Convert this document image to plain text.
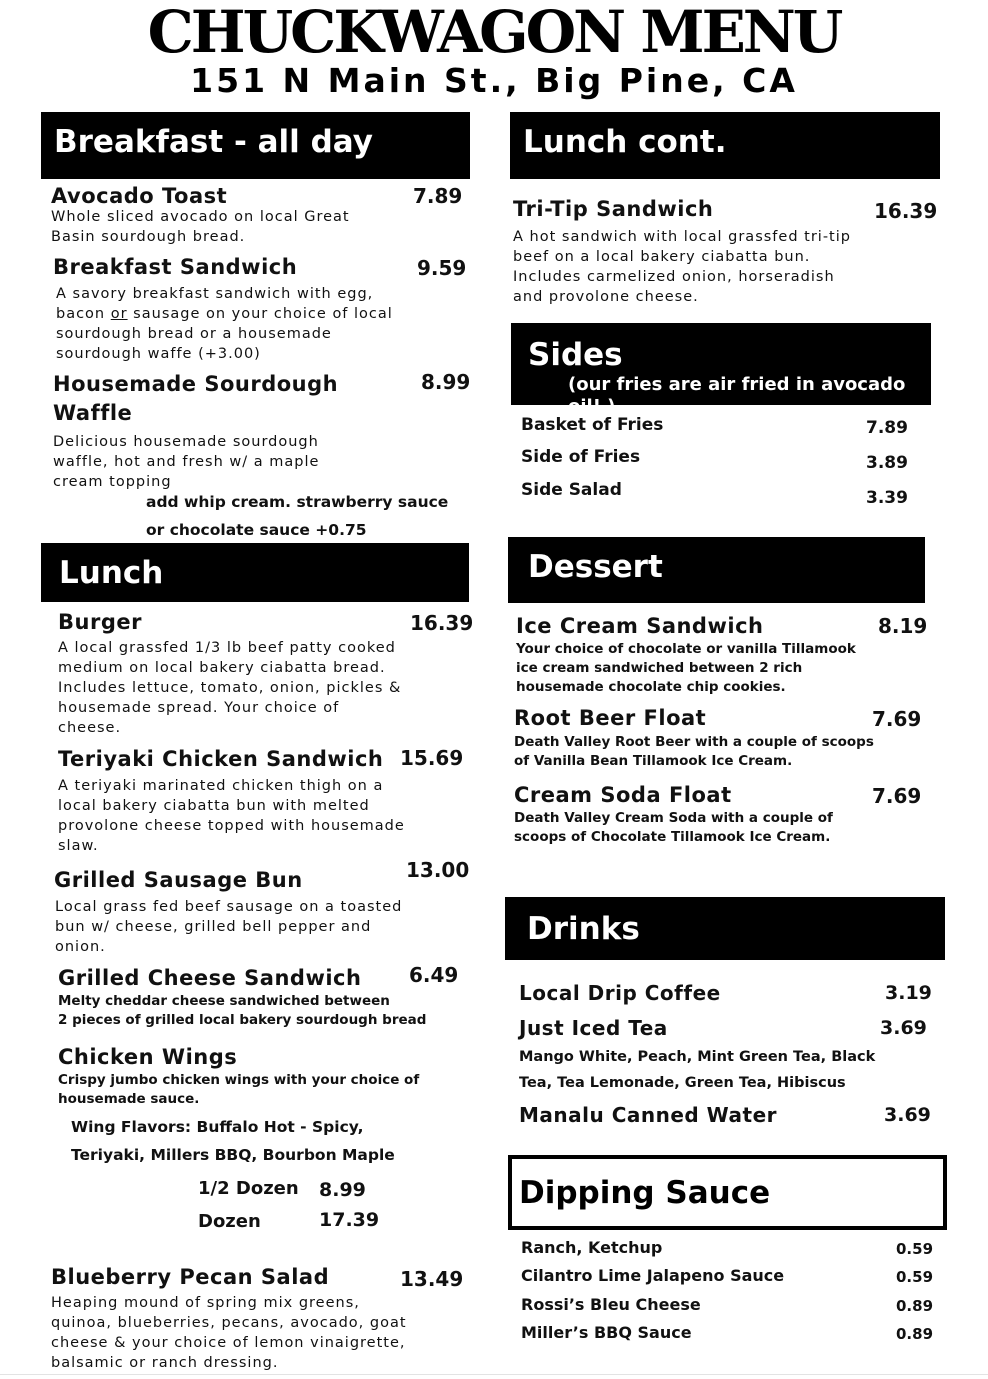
CHUCKWAGON MENU
151 N Main St., Big Pine, CA
Breakfast - all day
Avocado Toast	7.89
Whole sliced avocado on local Great
Basin sourdough bread.
Breakfast Sandwich	9.59
A savory breakfast sandwich with egg,
bacon or sausage on your choice of local
sourdough bread or a housemade
sourdough waffe (+3.00)
Housemade Sourdough
Waffle
8.99
Delicious housemade sourdough
waffle, hot and fresh w/ a maple
cream topping
add whip cream. strawberry sauce
or chocolate sauce +0.75
Lunch
Burger	16.39
A local grassfed 1/3 lb beef patty cooked
medium on local bakery ciabatta bread.
Includes lettuce, tomato, onion, pickles &
housemade spread. Your choice of
cheese.
Teriyaki Chicken Sandwich 15.69
A teriyaki marinated chicken thigh on a
local bakery ciabatta bun with melted
provolone cheese topped with housemade
slaw.
Grilled Sausage Bun	13.00
Local grass fed beef sausage on a toasted
bun w/ cheese, grilled bell pepper and
onion.
Grilled Cheese Sandwich 6.49
Melty cheddar cheese sandwiched between
2 pieces of grilled local bakery sourdough bread
Chicken Wings
Crispy jumbo chicken wings with your choice of
housemade sauce.
Wing Flavors: Buffalo Hot - Spicy,
Teriyaki, Millers BBQ, Bourbon Maple
1/2 Dozen 8.99
Dozen	17.39
Blueberry Pecan Salad	13.49
Heaping mound of spring mix greens,
quinoa, blueberries, pecans, avocado, goat
cheese & your choice of lemon vinaigrette,
balsamic or ranch dressing.
Lunch cont.
Tri-Tip Sandwich	16.39
A hot sandwich with local grassfed tri-tip
beef on a local bakery ciabatta bun.
Includes carmelized onion, horseradish
and provolone cheese.
Sides
(our fries are air fried in avocado oil! )
Basket of Fries	7.89
Side of Fries	3.89
Side Salad	3.39
Dessert
Ice Cream Sandwich	8.19
Your choice of chocolate or vanilla Tillamook
ice cream sandwiched between 2 rich
housemade chocolate chip cookies.
Root Beer Float	7.69
Death Valley Root Beer with a couple of scoops
of Vanilla Bean Tillamook Ice Cream.
Cream Soda Float	7.69
Death Valley Cream Soda with a couple of
scoops of Chocolate Tillamook Ice Cream.
Drinks
Local Drip Coffee	3.19
Just Iced Tea	3.69
Mango White, Peach, Mint Green Tea, Black
Tea, Tea Lemonade, Green Tea, Hibiscus
Manalu Canned Water	3.69
Dipping Sauce
Ranch, Ketchup	0.59
Cilantro Lime Jalapeno Sauce	0.59
Rossi’s Bleu Cheese	0.89
Miller’s BBQ Sauce	0.89
